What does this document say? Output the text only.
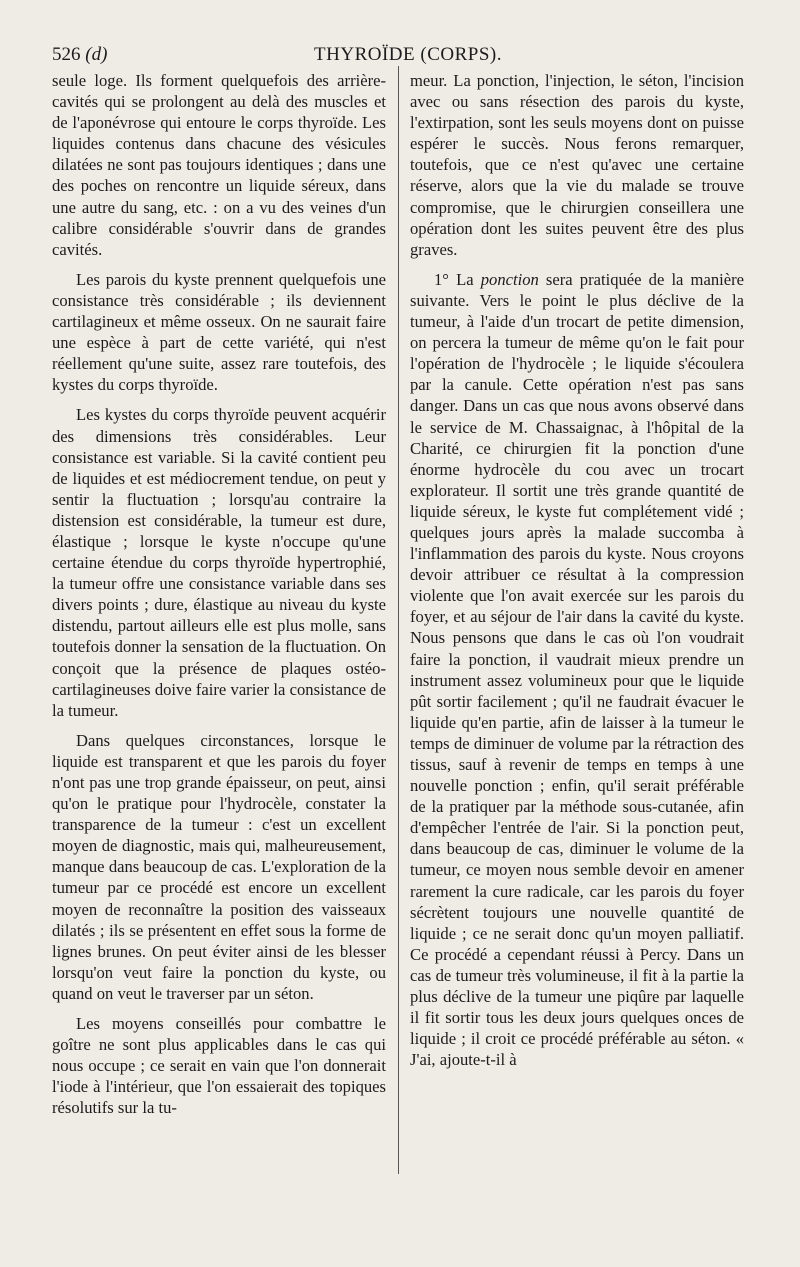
526 (d)	THYROÏDE (CORPS).

seule loge. Ils forment quelquefois des arrière-cavités qui se prolongent au delà des muscles et de l'aponévrose qui entoure le corps thyroïde. Les liquides contenus dans chacune des vésicules dilatées ne sont pas toujours identiques ; dans une des poches on rencontre un liquide séreux, dans une autre du sang, etc. : on a vu des veines d'un calibre considérable s'ouvrir dans de grandes cavités.

Les parois du kyste prennent quelquefois une consistance très considérable ; ils deviennent cartilagineux et même osseux. On ne saurait faire une espèce à part de cette variété, qui n'est réellement qu'une suite, assez rare toutefois, des kystes du corps thyroïde.

Les kystes du corps thyroïde peuvent acquérir des dimensions très considérables. Leur consistance est variable. Si la cavité contient peu de liquides et est médiocrement tendue, on peut y sentir la fluctuation ; lorsqu'au contraire la distension est considérable, la tumeur est dure, élastique ; lorsque le kyste n'occupe qu'une certaine étendue du corps thyroïde hypertrophié, la tumeur offre une consistance variable dans ses divers points ; dure, élastique au niveau du kyste distendu, partout ailleurs elle est plus molle, sans toutefois donner la sensation de la fluctuation. On conçoit que la présence de plaques ostéo-cartilagineuses doive faire varier la consistance de la tumeur.

Dans quelques circonstances, lorsque le liquide est transparent et que les parois du foyer n'ont pas une trop grande épaisseur, on peut, ainsi qu'on le pratique pour l'hydrocèle, constater la transparence de la tumeur : c'est un excellent moyen de diagnostic, mais qui, malheureusement, manque dans beaucoup de cas. L'exploration de la tumeur par ce procédé est encore un excellent moyen de reconnaître la position des vaisseaux dilatés ; ils se présentent en effet sous la forme de lignes brunes. On peut éviter ainsi de les blesser lorsqu'on veut faire la ponction du kyste, ou quand on veut le traverser par un séton.

Les moyens conseillés pour combattre le goître ne sont plus applicables dans le cas qui nous occupe ; ce serait en vain que l'on donnerait l'iode à l'intérieur, que l'on essaierait des topiques résolutifs sur la tu-

meur. La ponction, l'injection, le séton, l'incision avec ou sans résection des parois du kyste, l'extirpation, sont les seuls moyens dont on puisse espérer le succès. Nous ferons remarquer, toutefois, que ce n'est qu'avec une certaine réserve, alors que la vie du malade se trouve compromise, que le chirurgien conseillera une opération dont les suites peuvent être des plus graves.

1° La ponction sera pratiquée de la manière suivante. Vers le point le plus déclive de la tumeur, à l'aide d'un trocart de petite dimension, on percera la tumeur de même qu'on le fait pour l'opération de l'hydrocèle ; le liquide s'écoulera par la canule. Cette opération n'est pas sans danger. Dans un cas que nous avons observé dans le service de M. Chassaignac, à l'hôpital de la Charité, ce chirurgien fit la ponction d'une énorme hydrocèle du cou avec un trocart explorateur. Il sortit une très grande quantité de liquide séreux, le kyste fut complétement vidé ; quelques jours après la malade succomba à l'inflammation des parois du kyste. Nous croyons devoir attribuer ce résultat à la compression violente que l'on avait exercée sur les parois du foyer, et au séjour de l'air dans la cavité du kyste. Nous pensons que dans le cas où l'on voudrait faire la ponction, il vaudrait mieux prendre un instrument assez volumineux pour que le liquide pût sortir facilement ; qu'il ne faudrait évacuer le liquide qu'en partie, afin de laisser à la tumeur le temps de diminuer de volume par la rétraction des tissus, sauf à revenir de temps en temps à une nouvelle ponction ; enfin, qu'il serait préférable de la pratiquer par la méthode sous-cutanée, afin d'empêcher l'entrée de l'air. Si la ponction peut, dans beaucoup de cas, diminuer le volume de la tumeur, ce moyen nous semble devoir en amener rarement la cure radicale, car les parois du foyer sécrètent toujours une nouvelle quantité de liquide ; ce ne serait donc qu'un moyen palliatif. Ce procédé a cependant réussi à Percy. Dans un cas de tumeur très volumineuse, il fit à la partie la plus déclive de la tumeur une piqûre par laquelle il fit sortir tous les deux jours quelques onces de liquide ; il croit ce procédé préférable au séton. « J'ai, ajoute-t-il à
